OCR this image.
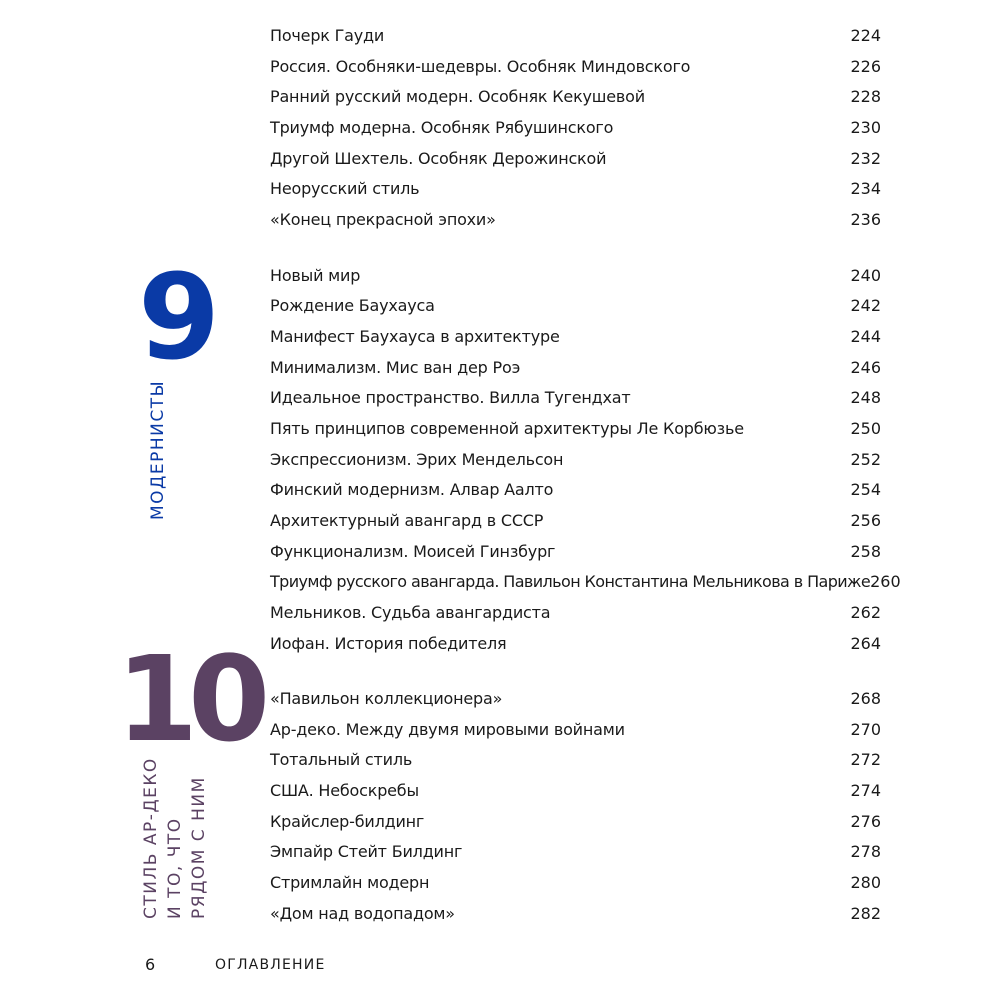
9
МОДЕРНИСТЫ
10
СТИЛЬ АР-ДЕКО И ТО, ЧТО РЯДОМ С НИМ
Почерк Гауди	224
Россия. Особняки-шедевры. Особняк Миндовского	226
Ранний русский модерн. Особняк Кекушевой	228
Триумф модерна. Особняк Рябушинского	230
Другой Шехтель. Особняк Дерожинской	232
Неорусский стиль	234
«Конец прекрасной эпохи»	236
Новый мир	240
Рождение Баухауса	242
Манифест Баухауса в архитектуре	244
Минимализм. Мис ван дер Роэ	246
Идеальное пространство. Вилла Тугендхат	248
Пять принципов современной архитектуры Ле Корбюзье	250
Экспрессионизм. Эрих Мендельсон	252
Финский модернизм. Алвар Аалто	254
Архитектурный авангард в СССР	256
Функционализм. Моисей Гинзбург	258
Триумф русского авангарда. Павильон Константина Мельникова в Париже 260
Мельников. Судьба авангардиста	262
Иофан. История победителя	264
«Павильон коллекционера»	268
Ар-деко. Между двумя мировыми войнами	270
Тотальный стиль	272
США. Небоскребы	274
Крайслер-билдинг	276
Эмпайр Стейт Билдинг	278
Стримлайн модерн	280
«Дом над водопадом»	282
6	ОГЛАВЛЕНИЕ
